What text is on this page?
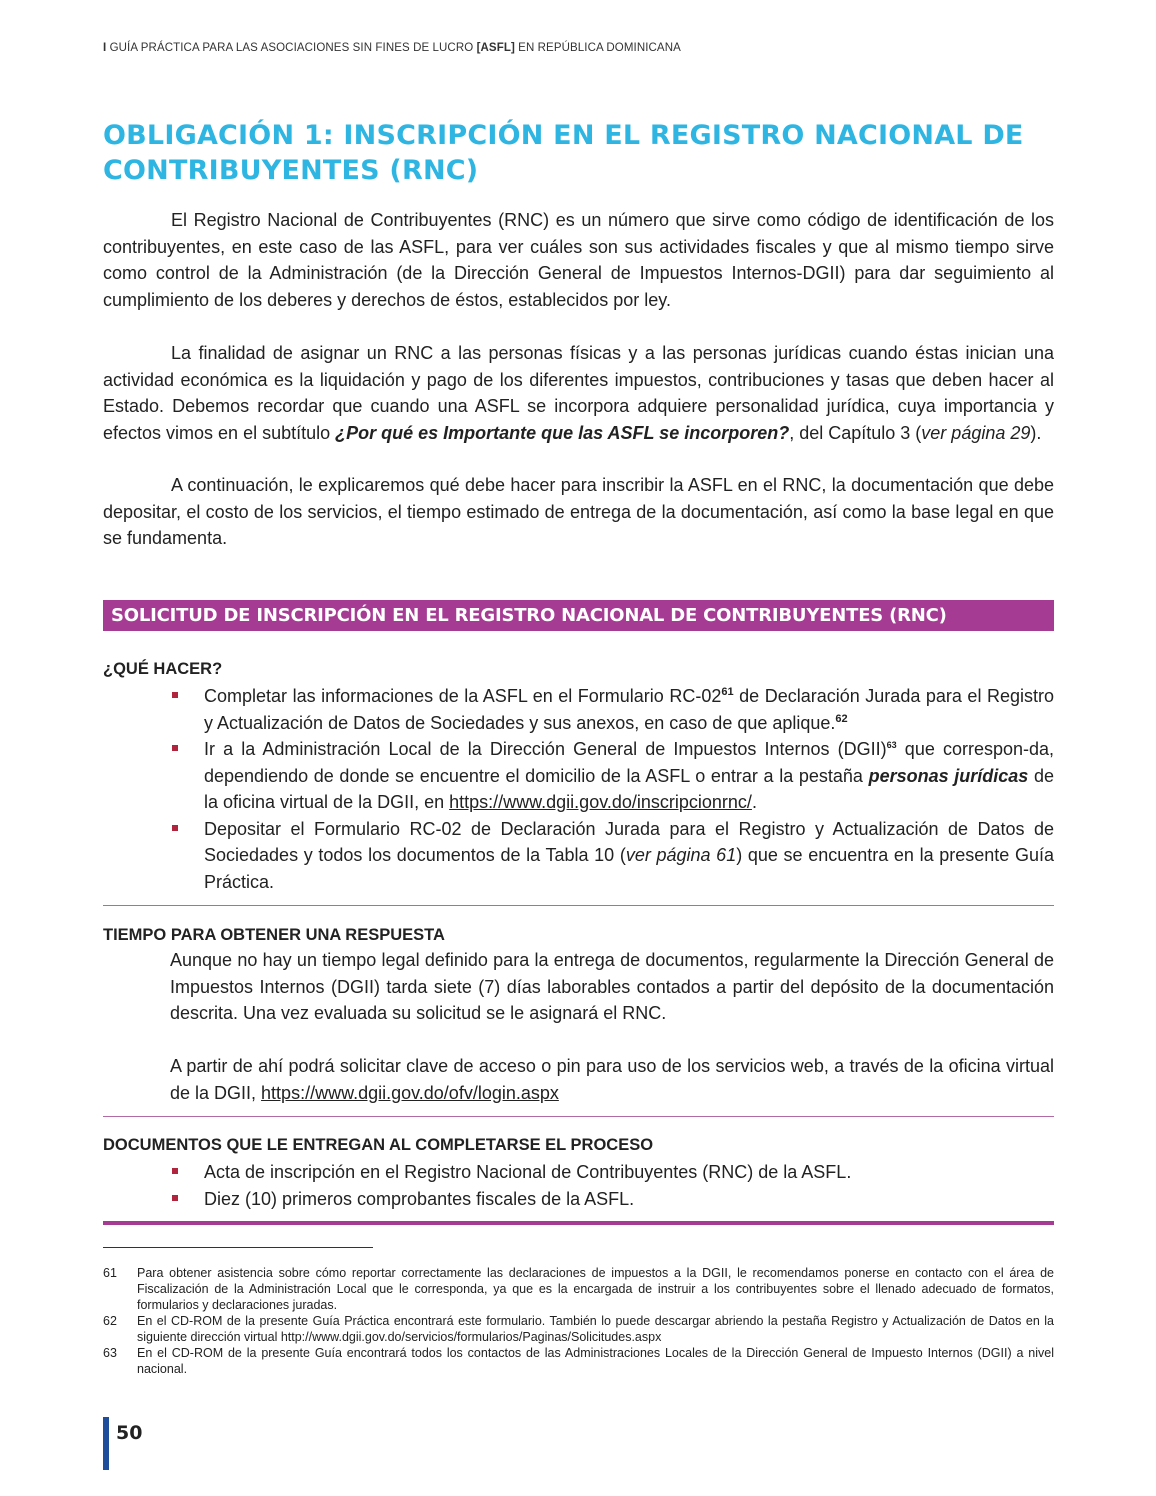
I GUÍA PRÁCTICA PARA LAS ASOCIACIONES SIN FINES DE LUCRO [ASFL] EN REPÚBLICA DOMINICANA
OBLIGACIÓN 1: INSCRIPCIÓN EN EL REGISTRO NACIONAL DE CONTRIBUYENTES (RNC)

El Registro Nacional de Contribuyentes (RNC) es un número que sirve como código de identificación de los contribuyentes, en este caso de las ASFL, para ver cuáles son sus actividades fiscales y que al mismo tiempo sirve como control de la Administración (de la Dirección General de Impuestos Internos-DGII) para dar seguimiento al cumplimiento de los deberes y derechos de éstos, establecidos por ley.

La finalidad de asignar un RNC a las personas físicas y a las personas jurídicas cuando éstas inician una actividad económica es la liquidación y pago de los diferentes impuestos, contribuciones y tasas que deben hacer al Estado. Debemos recordar que cuando una ASFL se incorpora adquiere personalidad jurídica, cuya importancia y efectos vimos en el subtítulo ¿Por qué es Importante que las ASFL se incorporen?, del Capítulo 3 (ver página 29).

A continuación, le explicaremos qué debe hacer para inscribir la ASFL en el RNC, la documentación que debe depositar, el costo de los servicios, el tiempo estimado de entrega de la documentación, así como la base legal en que se fundamenta.

SOLICITUD DE INSCRIPCIÓN EN EL REGISTRO NACIONAL DE CONTRIBUYENTES (RNC)
¿QUÉ HACER?
Completar las informaciones de la ASFL en el Formulario $RC-02^{61}$ de Declaración Jurada para el Registro y Actualización de Datos de Sociedades y sus anexos, en caso de que aplique.$^{62}$
Ir a la Administración Local de la Dirección General de Impuestos Internos (DGII)$^{63}$ que correspon-da, dependiendo de donde se encuentre el domicilio de la ASFL o entrar a la pestaña personas jurídicas de la oficina virtual de la DGII, en https://www.dgii.gov.do/inscripcionrnc/.
Depositar el Formulario RC-02 de Declaración Jurada para el Registro y Actualización de Datos de Sociedades y todos los documentos de la Tabla 10 (ver página 61) que se encuentra en la presente Guía Práctica.
TIEMPO PARA OBTENER UNA RESPUESTA

Aunque no hay un tiempo legal definido para la entrega de documentos, regularmente la Dirección General de Impuestos Internos (DGII) tarda siete (7) días laborables contados a partir del depósito de la documentación descrita. Una vez evaluada su solicitud se le asignará el RNC.

A partir de ahí podrá solicitar clave de acceso o pin para uso de los servicios web, a través de la oficina virtual de la DGII, https://www.dgii.gov.do/ofv/login.aspx

DOCUMENTOS QUE LE ENTREGAN AL COMPLETARSE EL PROCESO
Acta de inscripción en el Registro Nacional de Contribuyentes (RNC) de la ASFL.
Diez (10) primeros comprobantes fiscales de la ASFL.
61 Para obtener asistencia sobre cómo reportar correctamente las declaraciones de impuestos a la DGII, le recomendamos ponerse en contacto con el área de Fiscalización de la Administración Local que le corresponda, ya que es la encargada de instruir a los contribuyentes sobre el llenado adecuado de formatos, formularios y declaraciones juradas.
62 En el CD-ROM de la presente Guía Práctica encontrará este formulario. También lo puede descargar abriendo la pestaña Registro y Actualización de Datos en la siguiente dirección virtual http://www.dgii.gov.do/servicios/formularios/Paginas/Solicitudes.aspx
63 En el CD-ROM de la presente Guía encontrará todos los contactos de las Administraciones Locales de la Dirección General de Impuesto Internos (DGII) a nivel nacional.
50
